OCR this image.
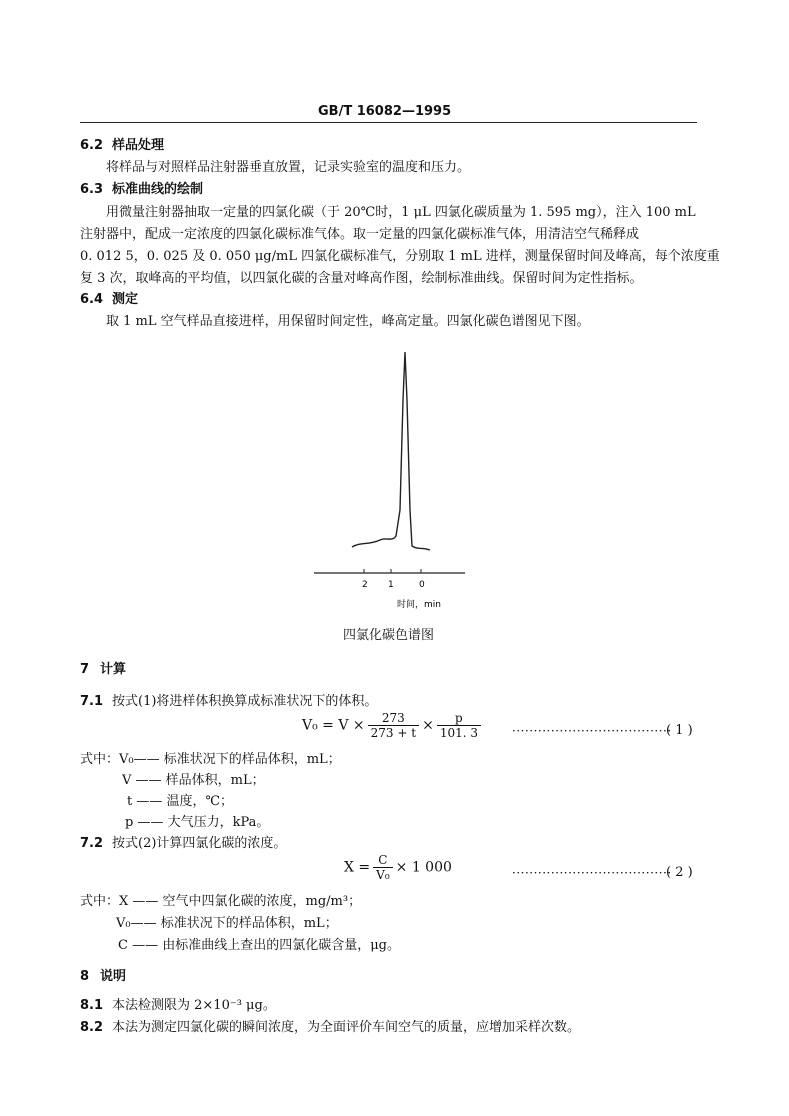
GB/T 16082—1995
6.2 样品处理
将样品与对照样品注射器垂直放置，记录实验室的温度和压力。
6.3 标准曲线的绘制
用微量注射器抽取一定量的四氯化碳（于 20℃时，1 μL 四氯化碳质量为 1. 595 mg），注入 100 mL
注射器中，配成一定浓度的四氯化碳标准气体。取一定量的四氯化碳标准气体，用清洁空气稀释成
0. 012 5，0. 025 及 0. 050 μg/mL 四氯化碳标准气，分别取 1 mL 进样，测量保留时间及峰高，每个浓度重
复 3 次，取峰高的平均值，以四氯化碳的含量对峰高作图，绘制标准曲线。保留时间为定性指标。
6.4 测定
取 1 mL 空气样品直接进样，用保留时间定性，峰高定量。四氯化碳色谱图见下图。
2 1	0
时间，min
四氯化碳色谱图
7 计算
7.1 按式(1)将进样体积换算成标准状况下的体积。
$V_0 = V \times \frac{273}{273 + t} \times \frac{p}{101. 3}$	·····································
( 1 )
式中：V₀—— 标准状况下的样品体积，mL；
V —— 样品体积，mL；
t —— 温度，℃；
p —— 大气压力，kPa。
7.2 按式(2)计算四氯化碳的浓度。
$X = \frac{C}{\text{V₀}} \times 1$ 000	·····································
( 2 )
式中：X —— 空气中四氯化碳的浓度，mg/m³；
V₀—— 标准状况下的样品体积，mL；
C —— 由标准曲线上查出的四氯化碳含量，μg。
8 说明
8.1 本法检测限为 2×10⁻³ μg。
8.2 本法为测定四氯化碳的瞬间浓度，为全面评价车间空气的质量，应增加采样次数。
